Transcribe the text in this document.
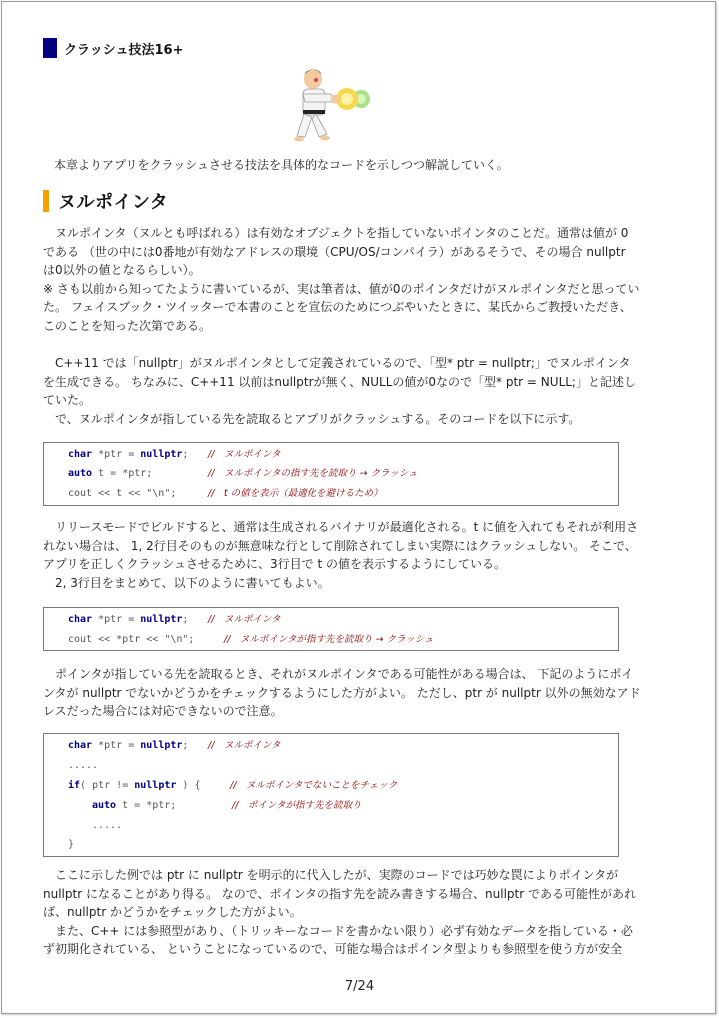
クラッシュ技法16+
本章よりアプリをクラッシュさせる技法を具体的なコードを示しつつ解説していく。
ヌルポインタ
ヌルポインタ（ヌルとも呼ばれる）は有効なオブジェクトを指していないポインタのことだ。通常は値が 0
である （世の中には0番地が有効なアドレスの環境（CPU/OS/コンパイラ）があるそうで、その場合 nullptr
は0以外の値となるらしい）。
※ さも以前から知ってたように書いているが、実は筆者は、値が0のポインタだけがヌルポインタだと思ってい
た。 フェイスブック・ツイッターで本書のことを宣伝のためにつぶやいたときに、某氏からご教授いただき、
このことを知った次第である。
C++11 では「nullptr」がヌルポインタとして定義されているので、「型* ptr = nullptr;」でヌルポインタ
を生成できる。 ちなみに、C++11 以前はnullptrが無く、NULLの値が0なので「型* ptr = NULL;」と記述し
ていた。
で、ヌルポインタが指している先を読取るとアプリがクラッシュする。そのコードを以下に示す。
char *ptr = nullptr; //　ヌルポインタ
auto t = *ptr;	//　ヌルポインタの指す先を読取り → クラッシュ
cout << t << "\n";	//　t の値を表示（最適化を避けるため）
リリースモードでビルドすると、通常は生成されるバイナリが最適化される。t に値を入れてもそれが利用さ
れない場合は、 1, 2行目そのものが無意味な行として削除されてしまい実際にはクラッシュしない。 そこで、
アプリを正しくクラッシュさせるために、3行目で t の値を表示するようにしている。
2, 3行目をまとめて、以下のように書いてもよい。
char *ptr = nullptr; //　ヌルポインタ
cout << *ptr << "\n";	//　ヌルポインタが指す先を読取り → クラッシュ
ポインタが指している先を読取るとき、それがヌルポインタである可能性がある場合は、 下記のようにポイ
ンタが nullptr でないかどうかをチェックするようにした方がよい。 ただし、ptr が nullptr 以外の無効なアド
レスだった場合には対応できないので注意。
char *ptr = nullptr; //　ヌルポインタ
.....
if( ptr != nullptr ) {	//　ヌルポインタでないことをチェック
auto t = *ptr;	//　ポインタが指す先を読取り
.....
}
ここに示した例では ptr に nullptr を明示的に代入したが、実際のコードでは巧妙な罠によりポインタが
nullptr になることがあり得る。 なので、ポインタの指す先を読み書きする場合、nullptr である可能性があれ
ば、nullptr かどうかをチェックした方がよい。
また、C++ には参照型があり、（トリッキーなコードを書かない限り）必ず有効なデータを指している・必
ず初期化されている、 ということになっているので、可能な場合はポインタ型よりも参照型を使う方が安全
7/24
